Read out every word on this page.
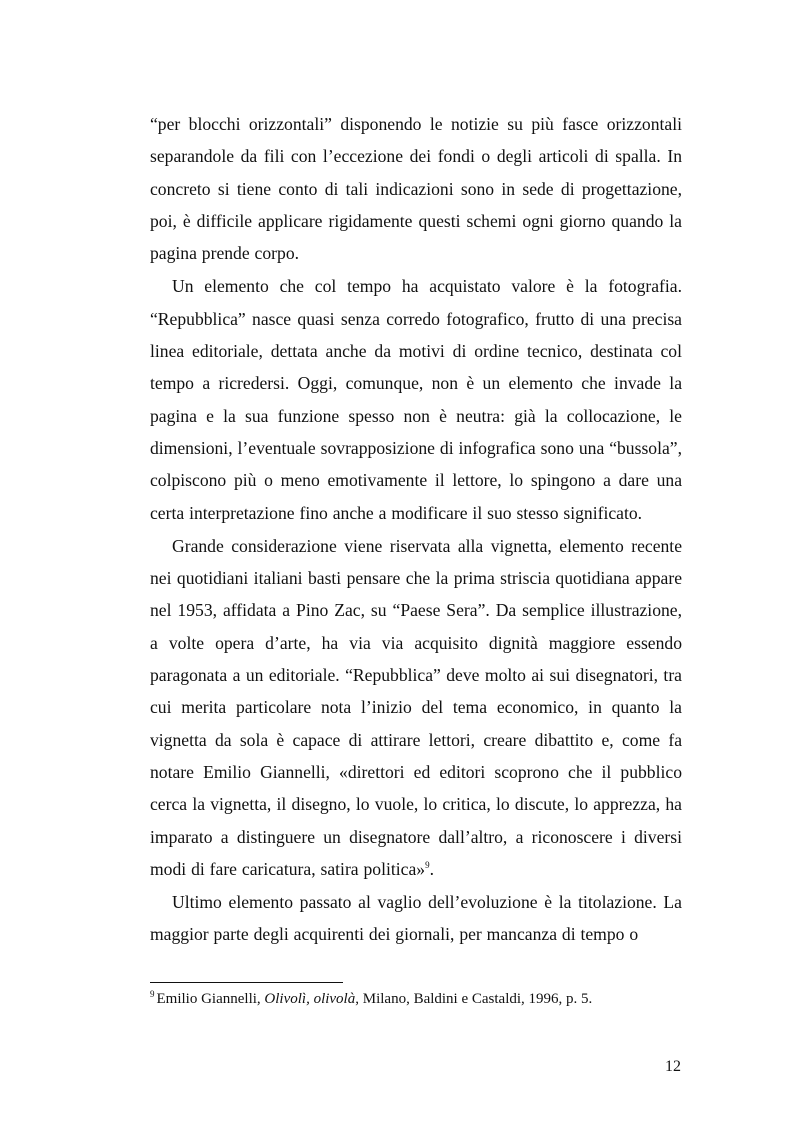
“per blocchi orizzontali” disponendo le notizie su più fasce orizzontali separandole da fili con l’eccezione dei fondi o degli articoli di spalla. In concreto si tiene conto di tali indicazioni sono in sede di progettazione, poi, è difficile applicare rigidamente questi schemi ogni giorno quando la pagina prende corpo.

Un elemento che col tempo ha acquistato valore è la fotografia. “Repubblica” nasce quasi senza corredo fotografico, frutto di una precisa linea editoriale, dettata anche da motivi di ordine tecnico, destinata col tempo a ricredersi. Oggi, comunque, non è un elemento che invade la pagina e la sua funzione spesso non è neutra: già la collocazione, le dimensioni, l’eventuale sovrapposizione di infografica sono una “bussola”, colpiscono più o meno emotivamente il lettore, lo spingono a dare una certa interpretazione fino anche a modificare il suo stesso significato.

Grande considerazione viene riservata alla vignetta, elemento recente nei quotidiani italiani basti pensare che la prima striscia quotidiana appare nel 1953, affidata a Pino Zac, su “Paese Sera”. Da semplice illustrazione, a volte opera d’arte, ha via via acquisito dignità maggiore essendo paragonata a un editoriale. “Repubblica” deve molto ai sui disegnatori, tra cui merita particolare nota l’inizio del tema economico, in quanto la vignetta da sola è capace di attirare lettori, creare dibattito e, come fa notare Emilio Giannelli, «direttori ed editori scoprono che il pubblico cerca la vignetta, il disegno, lo vuole, lo critica, lo discute, lo apprezza, ha imparato a distinguere un disegnatore dall’altro, a riconoscere i diversi modi di fare caricatura, satira politica»$^9$.

Ultimo elemento passato al vaglio dell’evoluzione è la titolazione. La maggior parte degli acquirenti dei giornali, per mancanza di tempo o

$^9$ Emilio Giannelli, Olivolì, olivolà, Milano, Baldini e Castaldi, 1996, p. 5.
12
